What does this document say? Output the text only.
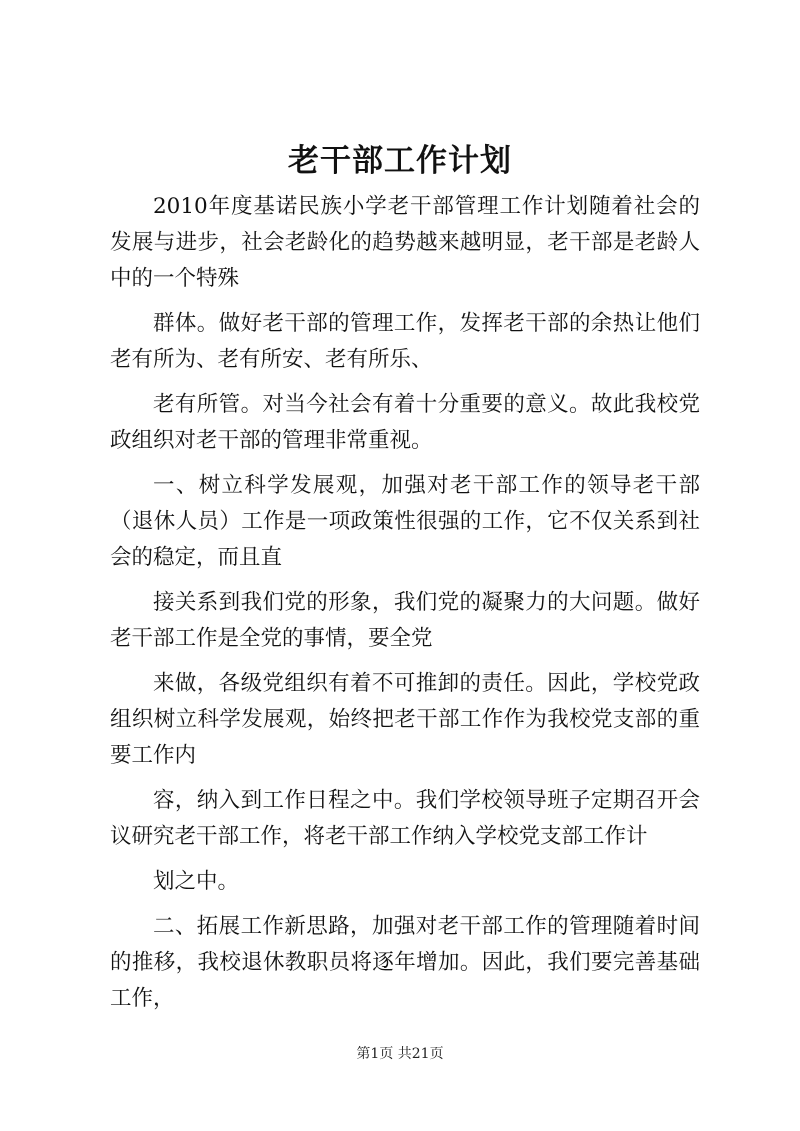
老干部工作计划

2010年度基诺民族小学老干部管理工作计划随着社会的发展与进步，社会老龄化的趋势越来越明显，老干部是老龄人中的一个特殊

群体。做好老干部的管理工作，发挥老干部的余热让他们老有所为、老有所安、老有所乐、

老有所管。对当今社会有着十分重要的意义。故此我校党政组织对老干部的管理非常重视。

一、树立科学发展观，加强对老干部工作的领导老干部（退休人员）工作是一项政策性很强的工作，它不仅关系到社会的稳定，而且直

接关系到我们党的形象，我们党的凝聚力的大问题。做好老干部工作是全党的事情，要全党

来做，各级党组织有着不可推卸的责任。因此，学校党政组织树立科学发展观，始终把老干部工作作为我校党支部的重要工作内

容，纳入到工作日程之中。我们学校领导班子定期召开会议研究老干部工作，将老干部工作纳入学校党支部工作计

划之中。

二、拓展工作新思路，加强对老干部工作的管理随着时间的推移，我校退休教职员将逐年增加。因此，我们要完善基础工作，

第1页 共21页
